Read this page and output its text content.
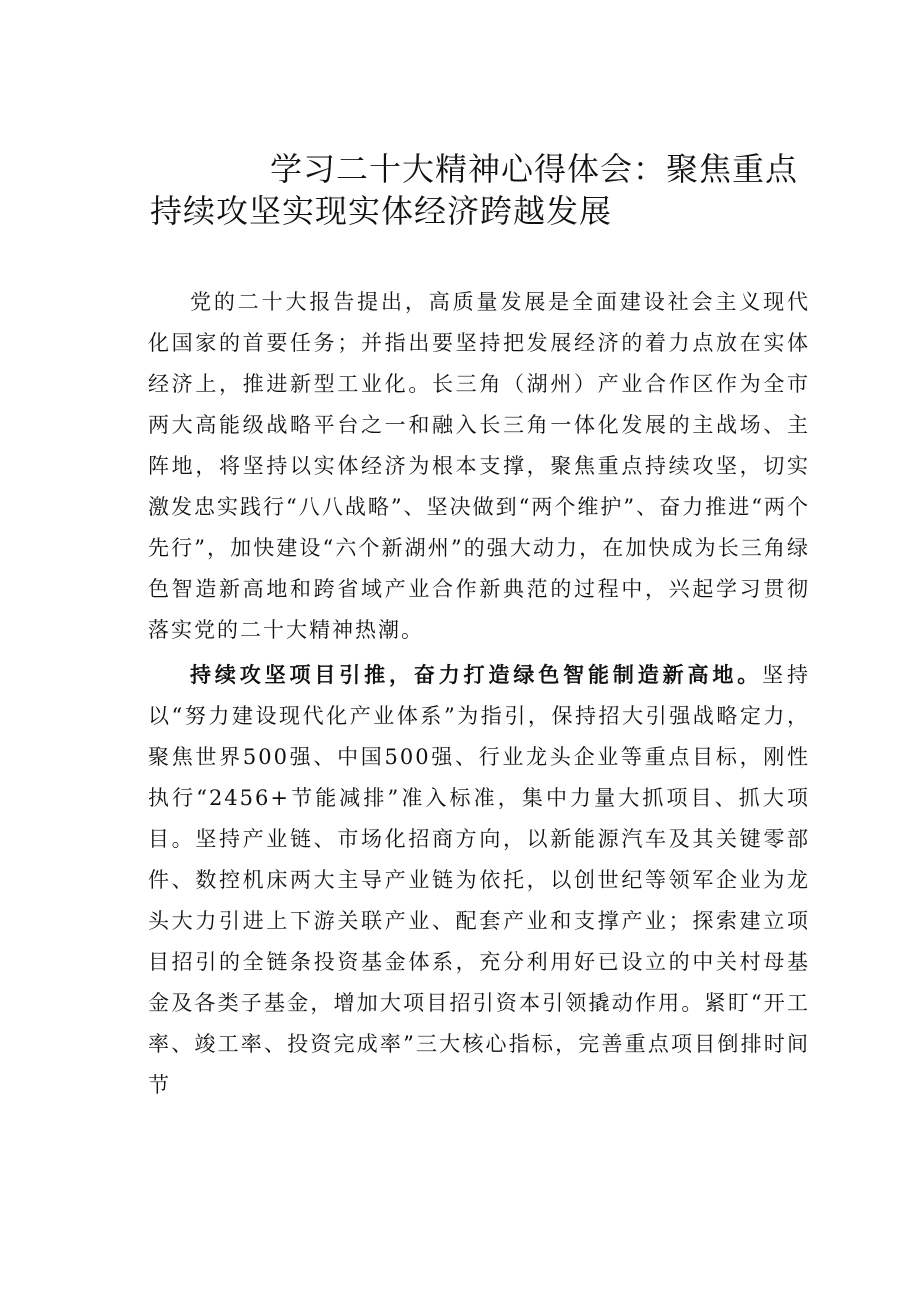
学习二十大精神心得体会：聚焦重点
持续攻坚实现实体经济跨越发展

党的二十大报告提出，高质量发展是全面建设社会主义现代化国家的首要任务；并指出要坚持把发展经济的着力点放在实体经济上，推进新型工业化。长三角（湖州）产业合作区作为全市两大高能级战略平台之一和融入长三角一体化发展的主战场、主阵地，将坚持以实体经济为根本支撑，聚焦重点持续攻坚，切实激发忠实践行“八八战略”、坚决做到“两个维护”、奋力推进“两个先行”，加快建设“六个新湖州”的强大动力，在加快成为长三角绿色智造新高地和跨省域产业合作新典范的过程中，兴起学习贯彻落实党的二十大精神热潮。

持续攻坚项目引推，奋力打造绿色智能制造新高地。坚持以“努力建设现代化产业体系”为指引，保持招大引强战略定力，聚焦世界500强、中国500强、行业龙头企业等重点目标，刚性执行“2456+节能减排”准入标准，集中力量大抓项目、抓大项目。坚持产业链、市场化招商方向，以新能源汽车及其关键零部件、数控机床两大主导产业链为依托，以创世纪等领军企业为龙头大力引进上下游关联产业、配套产业和支撑产业；探索建立项目招引的全链条投资基金体系，充分利用好已设立的中关村母基金及各类子基金，增加大项目招引资本引领撬动作用。紧盯“开工率、竣工率、投资完成率”三大核心指标，完善重点项目倒排时间节
